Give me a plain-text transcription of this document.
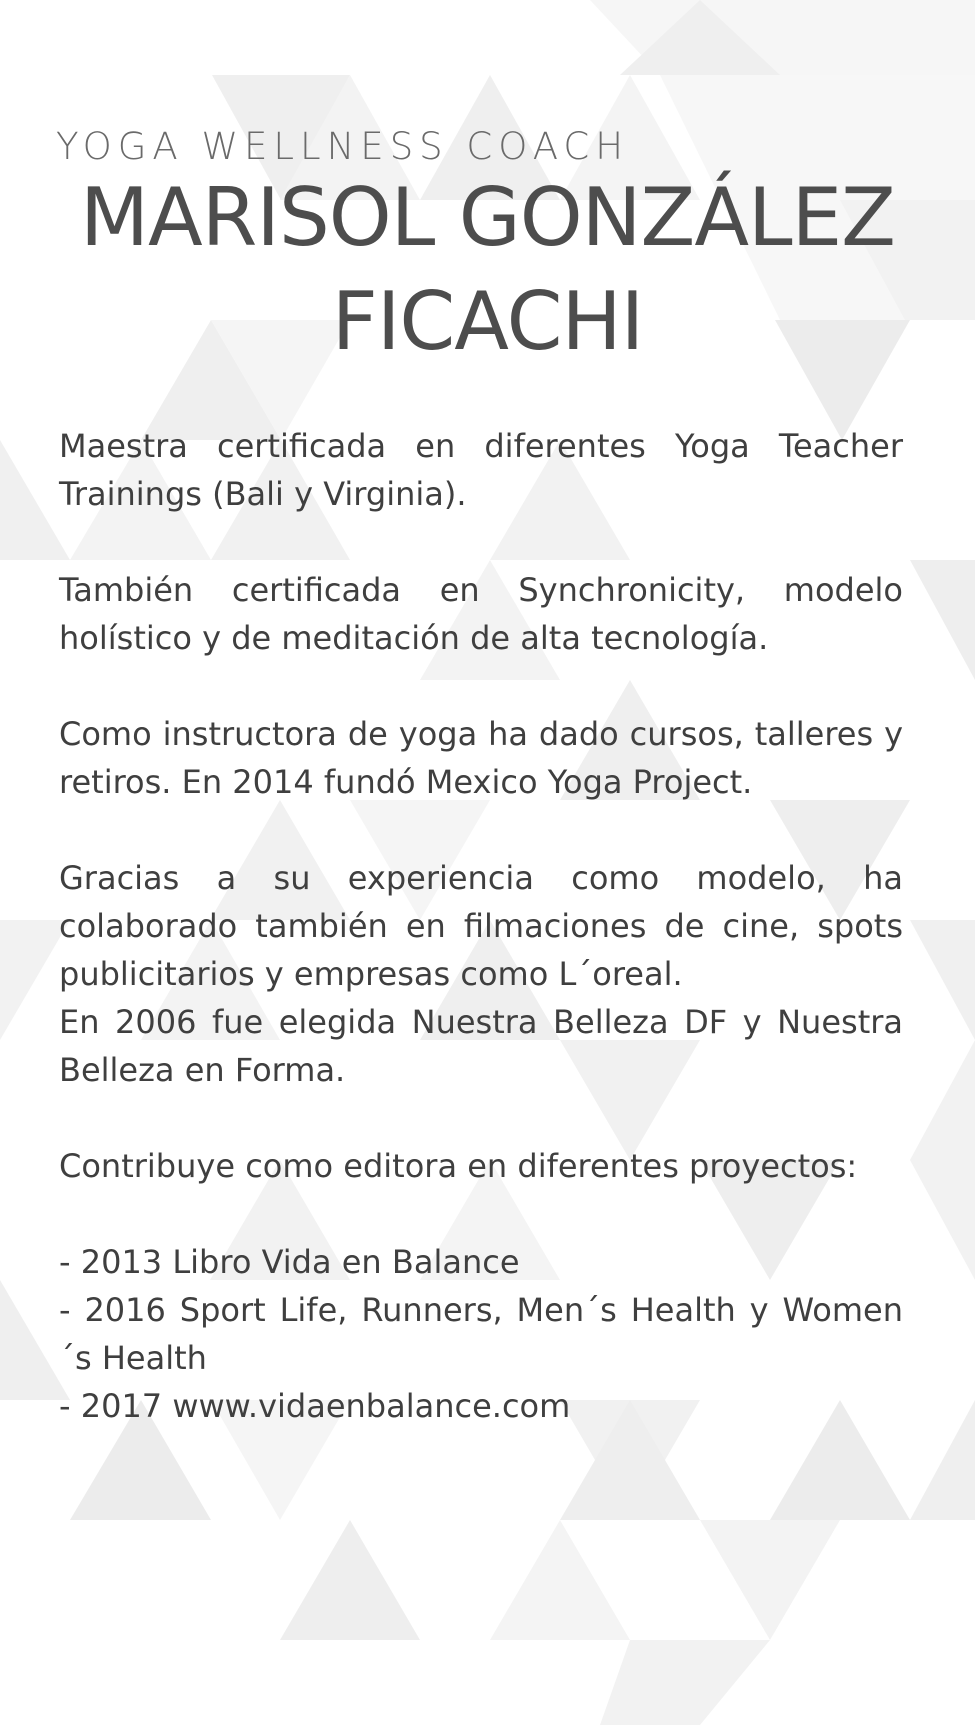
YOGA WELLNESS COACH
MARISOL GONZÁLEZ
FICACHI

Maestra certificada en diferentes Yoga Teacher Trainings (Bali y Virginia).

También certificada en Synchronicity, modelo holístico y de meditación de alta tecnología.

Como instructora de yoga ha dado cursos, talleres y retiros. En 2014 fundó Mexico Yoga Project.

Gracias a su experiencia como modelo, ha colaborado también en filmaciones de cine, spots publicitarios y empresas como L´oreal.

En 2006 fue elegida Nuestra Belleza DF y Nuestra Belleza en Forma.

Contribuye como editora en diferentes proyectos:

- 2013 Libro Vida en Balance

- 2016 Sport Life, Runners, Men´s Health y Women´s Health

- 2017 www.vidaenbalance.com
